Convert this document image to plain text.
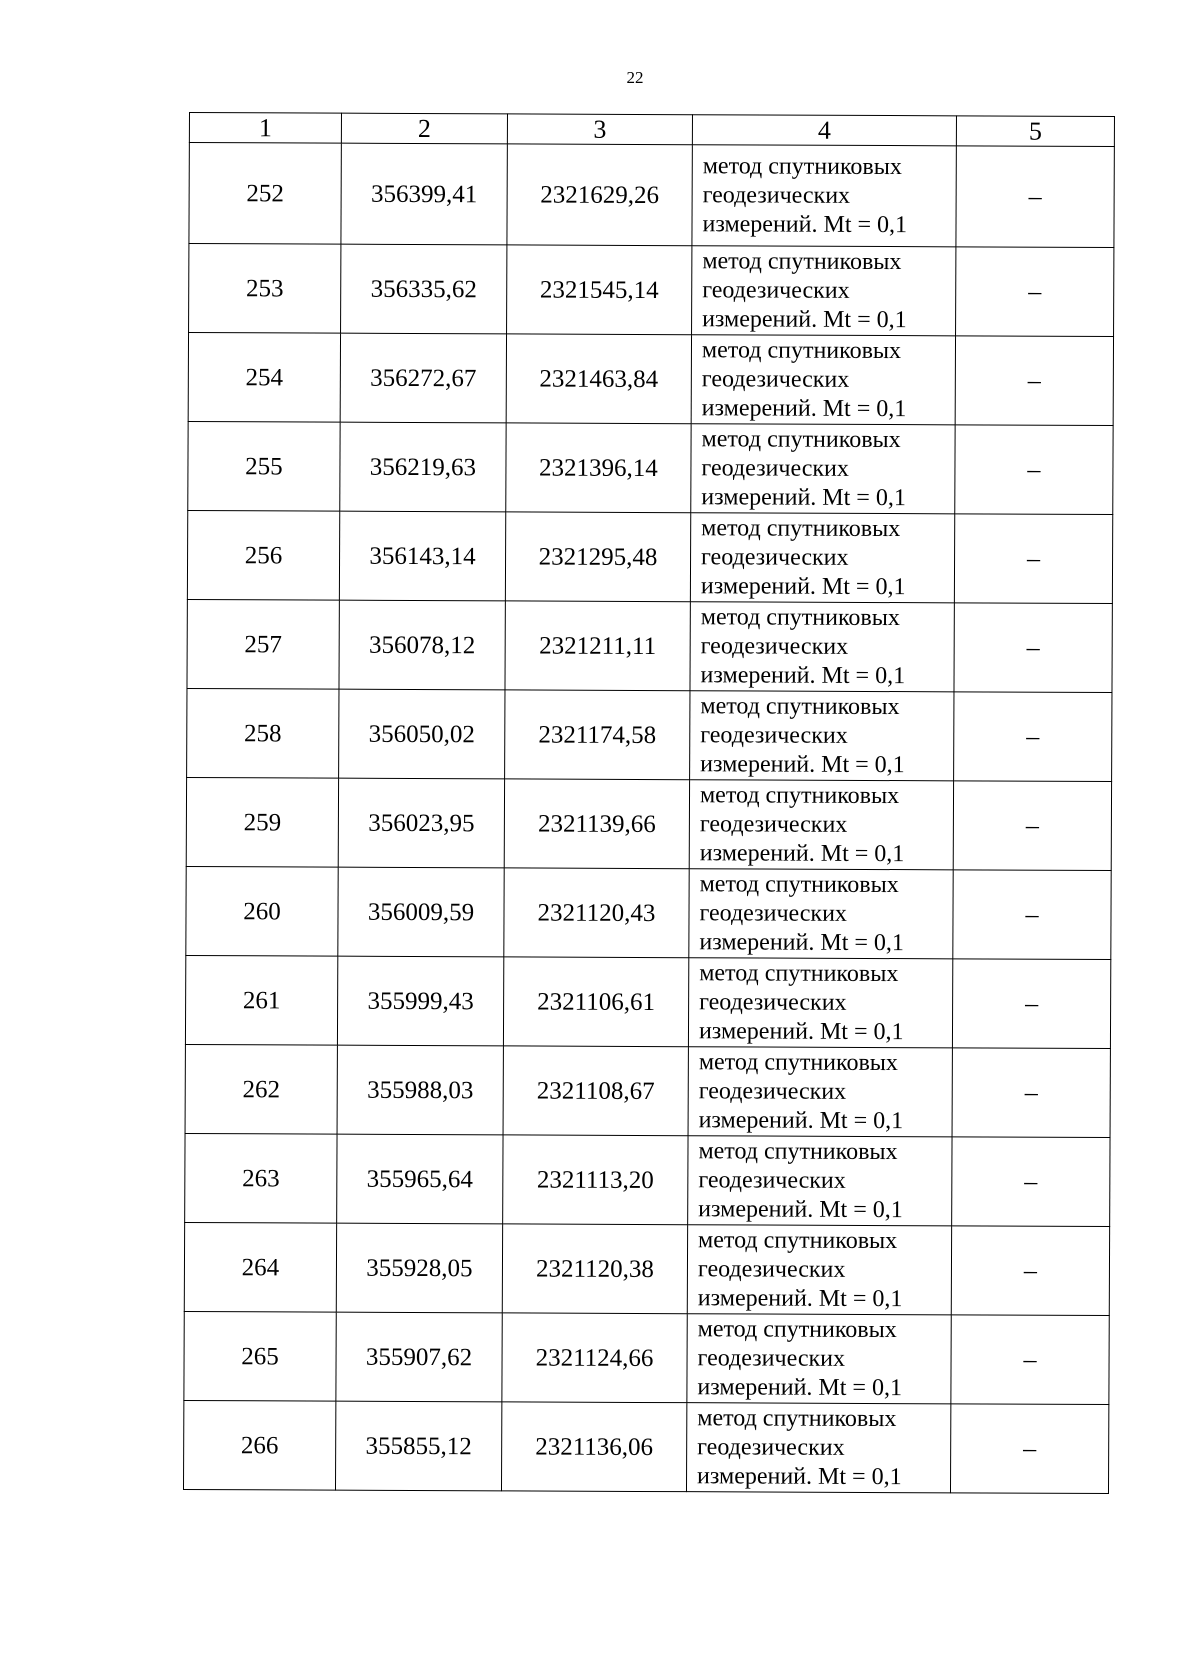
22
1	2	3	4	5
252	356399,41	2321629,26	метод спутниковых
геодезических
измерений. Mt = 0,1	–
253	356335,62	2321545,14	метод спутниковых
геодезических
измерений. Mt = 0,1	–
254	356272,67	2321463,84	метод спутниковых
геодезических
измерений. Mt = 0,1	–
255	356219,63	2321396,14	метод спутниковых
геодезических
измерений. Mt = 0,1	–
256	356143,14	2321295,48	метод спутниковых
геодезических
измерений. Mt = 0,1	–
257	356078,12	2321211,11	метод спутниковых
геодезических
измерений. Mt = 0,1	–
258	356050,02	2321174,58	метод спутниковых
геодезических
измерений. Mt = 0,1	–
259	356023,95	2321139,66	метод спутниковых
геодезических
измерений. Mt = 0,1	–
260	356009,59	2321120,43	метод спутниковых
геодезических
измерений. Mt = 0,1	–
261	355999,43	2321106,61	метод спутниковых
геодезических
измерений. Mt = 0,1	–
262	355988,03	2321108,67	метод спутниковых
геодезических
измерений. Mt = 0,1	–
263	355965,64	2321113,20	метод спутниковых
геодезических
измерений. Mt = 0,1	–
264	355928,05	2321120,38	метод спутниковых
геодезических
измерений. Mt = 0,1	–
265	355907,62	2321124,66	метод спутниковых
геодезических
измерений. Mt = 0,1	–
266	355855,12	2321136,06	метод спутниковых
геодезических
измерений. Mt = 0,1	–
